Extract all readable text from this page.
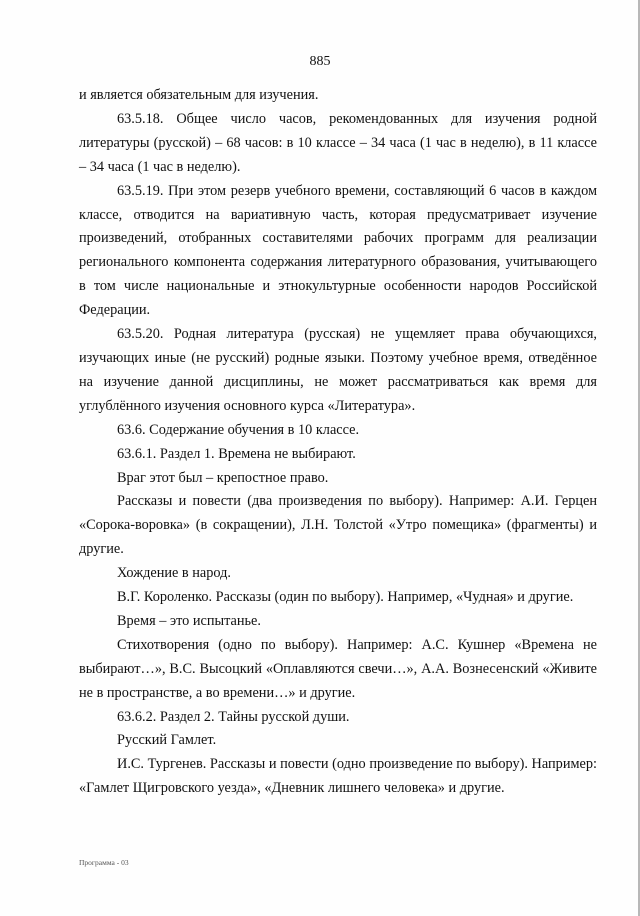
885

и является обязательным для изучения.

63.5.18. Общее число часов, рекомендованных для изучения родной литературы (русской) – 68 часов: в 10 классе – 34 часа (1 час в неделю), в 11 классе – 34 часа (1 час в неделю).

63.5.19. При этом резерв учебного времени, составляющий 6 часов в каждом классе, отводится на вариативную часть, которая предусматривает изучение произведений, отобранных составителями рабочих программ для реализации регионального компонента содержания литературного образования, учитывающего в том числе национальные и этнокультурные особенности народов Российской Федерации.

63.5.20. Родная литература (русская) не ущемляет права обучающихся, изучающих иные (не русский) родные языки. Поэтому учебное время, отведённое на изучение данной дисциплины, не может рассматриваться как время для углублённого изучения основного курса «Литература».

63.6. Содержание обучения в 10 классе.

63.6.1. Раздел 1. Времена не выбирают.

Враг этот был – крепостное право.

Рассказы и повести (два произведения по выбору). Например: А.И. Герцен «Сорока-воровка» (в сокращении), Л.Н. Толстой «Утро помещика» (фрагменты) и другие.

Хождение в народ.

В.Г. Короленко. Рассказы (один по выбору). Например, «Чудная» и другие.

Время – это испытанье.

Стихотворения (одно по выбору). Например: А.С. Кушнер «Времена не выбирают…», В.С. Высоцкий «Оплавляются свечи…», А.А. Вознесенский «Живите не в пространстве, а во времени…» и другие.

63.6.2. Раздел 2. Тайны русской души.

Русский Гамлет.

И.С. Тургенев. Рассказы и повести (одно произведение по выбору). Например: «Гамлет Щигровского уезда», «Дневник лишнего человека» и другие.

Программа - 03
